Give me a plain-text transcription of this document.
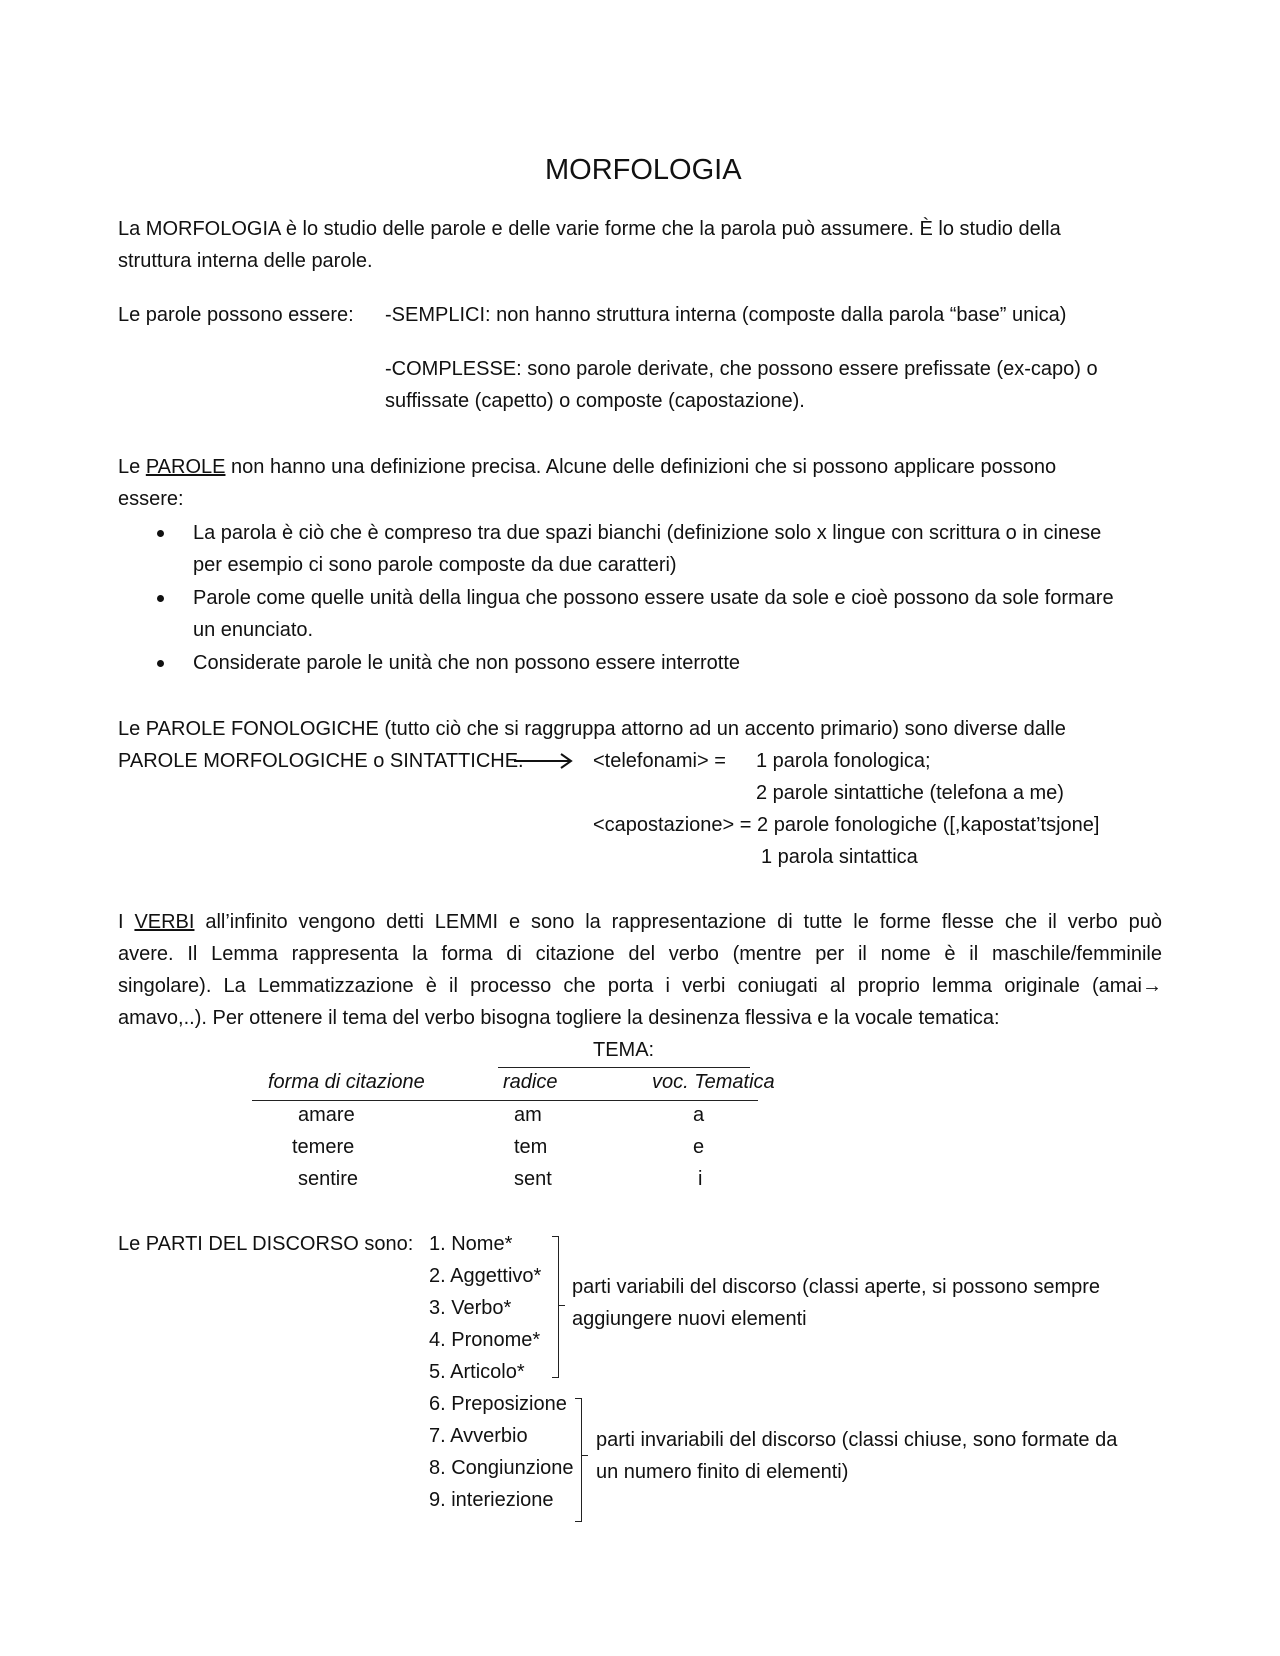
MORFOLOGIA
La MORFOLOGIA è lo studio delle parole e delle varie forme che la parola può assumere. È lo studio della
struttura interna delle parole.
Le parole possono essere: -SEMPLICI: non hanno struttura interna (composte dalla parola “base” unica)
-COMPLESSE: sono parole derivate, che possono essere prefissate (ex-capo) o
suffissate (capetto) o composte (capostazione).
Le PAROLE non hanno una definizione precisa. Alcune delle definizioni che si possono applicare possono
essere:
La parola è ciò che è compreso tra due spazi bianchi (definizione solo x lingue con scrittura o in cinese
per esempio ci sono parole composte da due caratteri)
Parole come quelle unità della lingua che possono essere usate da sole e cioè possono da sole formare
un enunciato.
Considerate parole le unità che non possono essere interrotte
Le PAROLE FONOLOGICHE (tutto ciò che si raggruppa attorno ad un accento primario) sono diverse dalle
PAROLE MORFOLOGICHE o SINTATTICHE.	<telefonami> = 1 parola fonologica;
2 parole sintattiche (telefona a me)
<capostazione> = 2 parole fonologiche ([,kapostat’tsjone]
1 parola sintattica
I VERBI all’infinito vengono detti LEMMI e sono la rappresentazione di tutte le forme flesse che il verbo può
avere. Il Lemma rappresenta la forma di citazione del verbo (mentre per il nome è il maschile/femminile
singolare). La Lemmatizzazione è il processo che porta i verbi coniugati al proprio lemma originale (amai→
amavo,..). Per ottenere il tema del verbo bisogna togliere la desinenza flessiva e la vocale tematica:
TEMA:
forma di citazione	radice	voc. Tematica
amare	am	a
temere	tem	e
sentire	sent	i
Le PARTI DEL DISCORSO sono: 1. Nome*
2. Aggettivo*
3. Verbo*
4. Pronome*
5. Articolo*
6. Preposizione
7. Avverbio
8. Congiunzione
9. interiezione
parti variabili del discorso (classi aperte, si possono sempre
aggiungere nuovi elementi
parti invariabili del discorso (classi chiuse, sono formate da
un numero finito di elementi)
